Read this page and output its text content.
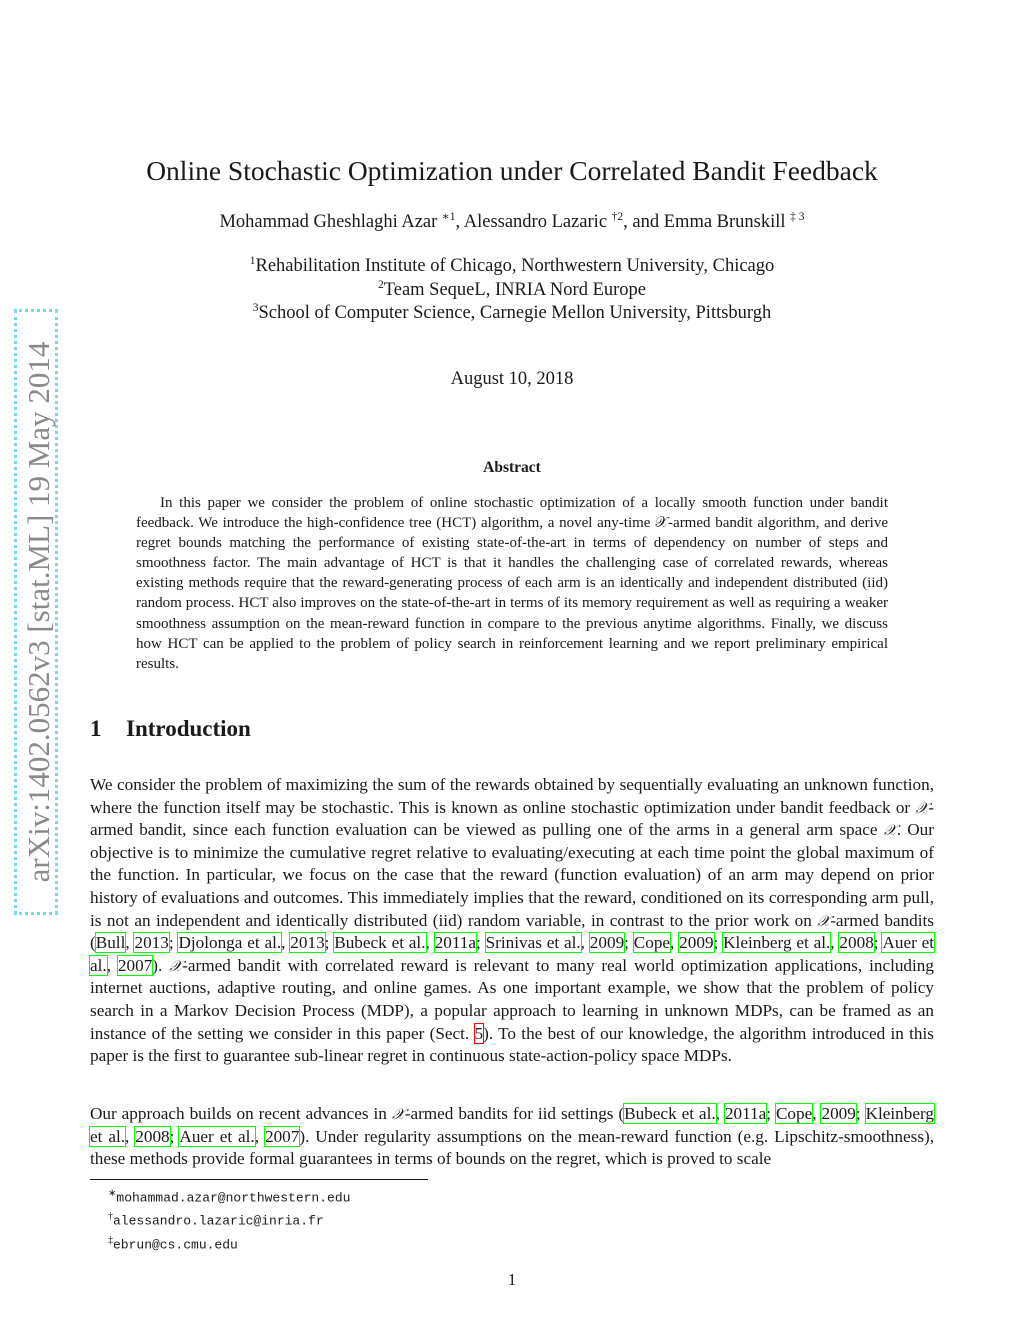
arXiv:1402.0562v3 [stat.ML] 19 May 2014
Online Stochastic Optimization under Correlated Bandit Feedback
Mohammad Gheshlaghi Azar $^{∗1}$, Alessandro Lazaric $^{\dagger 2}$, and Emma Brunskill $^{\ddagger 3}$
$^1$Rehabilitation Institute of Chicago, Northwestern University, Chicago
$^2$Team SequeL, INRIA Nord Europe
$^3$School of Computer Science, Carnegie Mellon University, Pittsburgh
August 10, 2018
Abstract
In this paper we consider the problem of online stochastic optimization of a locally smooth function under bandit feedback. We introduce the high-confidence tree (HCT) algorithm, a novel any-time 𝒳-armed bandit algorithm, and derive regret bounds matching the performance of existing state-of-the-art in terms of dependency on number of steps and smoothness factor. The main advantage of HCT is that it handles the challenging case of correlated rewards, whereas existing methods require that the reward-generating process of each arm is an identically and independent distributed (iid) random process. HCT also improves on the state-of-the-art in terms of its memory requirement as well as requiring a weaker smoothness assumption on the mean-reward function in compare to the previous anytime algorithms. Finally, we discuss how HCT can be applied to the problem of policy search in reinforcement learning and we report preliminary empirical results.
1 Introduction
We consider the problem of maximizing the sum of the rewards obtained by sequentially evaluating an unknown function, where the function itself may be stochastic. This is known as online stochastic optimization under bandit feedback or 𝒳-armed bandit, since each function evaluation can be viewed as pulling one of the arms in a general arm space 𝒳. Our objective is to minimize the cumulative regret relative to evaluating/executing at each time point the global maximum of the function. In particular, we focus on the case that the reward (function evaluation) of an arm may depend on prior history of evaluations and outcomes. This immediately implies that the reward, conditioned on its corresponding arm pull, is not an independent and identically distributed (iid) random variable, in contrast to the prior work on 𝒳-armed bandits (Bull, 2013; Djolonga et al., 2013; Bubeck et al., 2011a; Srinivas et al., 2009; Cope, 2009; Kleinberg et al., 2008; Auer et al., 2007). 𝒳-armed bandit with correlated reward is relevant to many real world optimization applications, including internet auctions, adaptive routing, and online games. As one important example, we show that the problem of policy search in a Markov Decision Process (MDP), a popular approach to learning in unknown MDPs, can be framed as an instance of the setting we consider in this paper (Sect. 5). To the best of our knowledge, the algorithm introduced in this paper is the first to guarantee sub-linear regret in continuous state-action-policy space MDPs.
Our approach builds on recent advances in 𝒳-armed bandits for iid settings (Bubeck et al., 2011a; Cope, 2009; Kleinberg et al., 2008; Auer et al., 2007). Under regularity assumptions on the mean-reward function (e.g. Lipschitz-smoothness), these methods provide formal guarantees in terms of bounds on the regret, which is proved to scale
∗mohammad.azar@northwestern.edu
†alessandro.lazaric@inria.fr
‡ebrun@cs.cmu.edu
1
